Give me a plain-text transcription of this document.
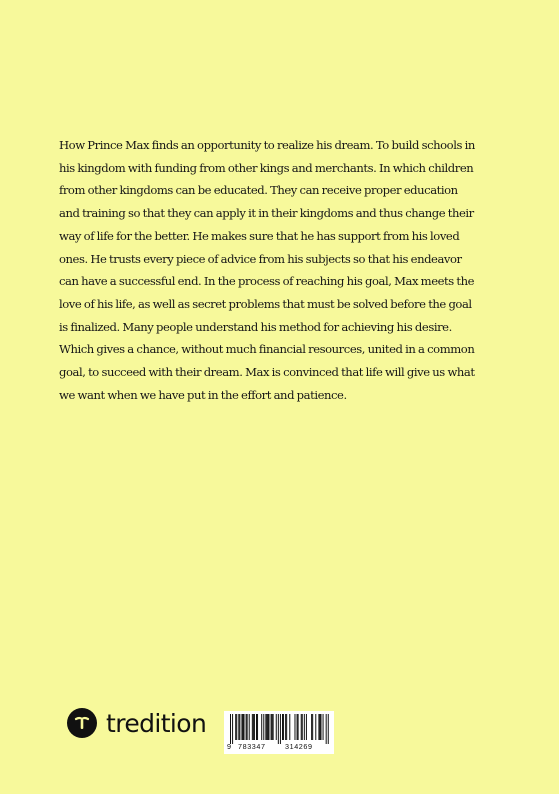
How Prince Max finds an opportunity to realize his dream. To build schools in
his kingdom with funding from other kings and merchants. In which children
from other kingdoms can be educated. They can receive proper education
and training so that they can apply it in their kingdoms and thus change their
way of life for the better. He makes sure that he has support from his loved
ones. He trusts every piece of advice from his subjects so that his endeavor
can have a successful end. In the process of reaching his goal, Max meets the
love of his life, as well as secret problems that must be solved before the goal
is finalized. Many people understand his method for achieving his desire.
Which gives a chance, without much financial resources, united in a common
goal, to succeed with their dream. Max is convinced that life will give us what
we want when we have put in the effort and patience.
tredition
9 783347	314269
